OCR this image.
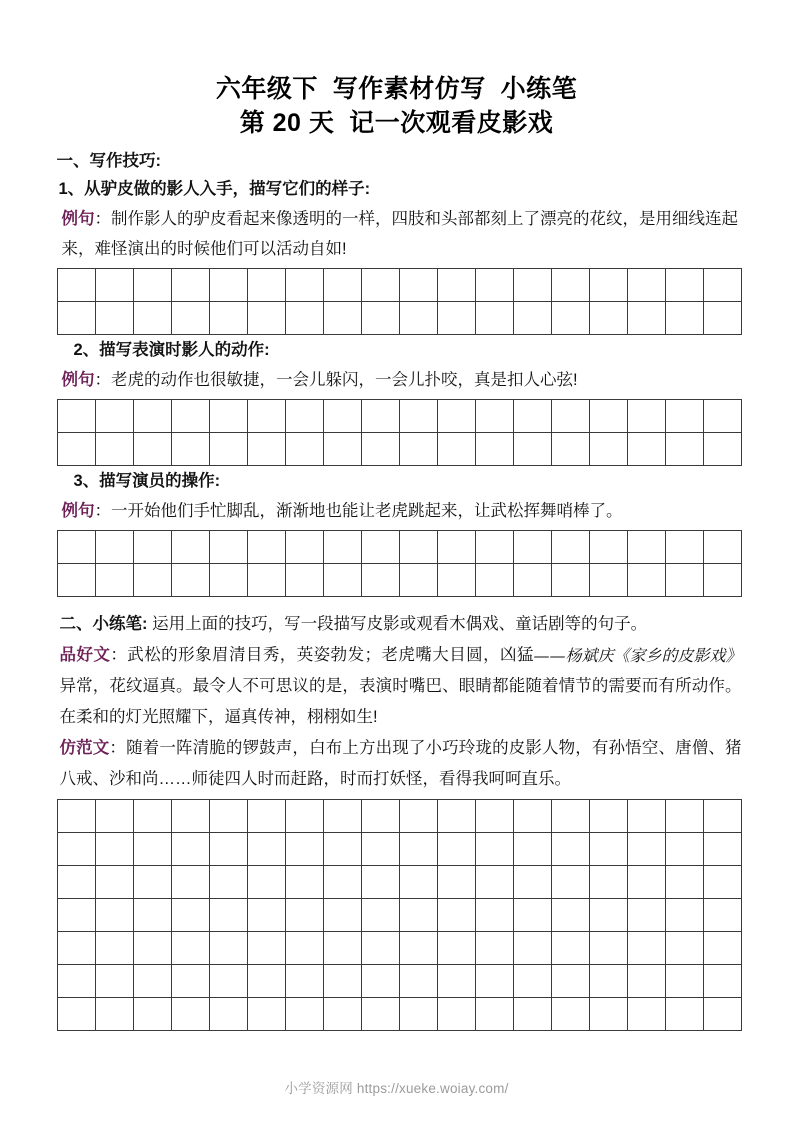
六年级下  写作素材仿写  小练笔
第 20 天  记一次观看皮影戏
一、写作技巧:
1、从驴皮做的影人入手，描写它们的样子:
例句：制作影人的驴皮看起来像透明的一样，四肢和头部都刻上了漂亮的花纹，是用细线连起来，难怪演出的时候他们可以活动自如!
2、描写表演时影人的动作:
例句：老虎的动作也很敏捷，一会儿躲闪，一会儿扑咬，真是扣人心弦!
3、描写演员的操作:
例句：一开始他们手忙脚乱，渐渐地也能让老虎跳起来，让武松挥舞哨棒了。
二、小练笔: 运用上面的技巧，写一段描写皮影或观看木偶戏、童话剧等的句子。
——杨斌庆《家乡的皮影戏》
品好文：武松的形象眉清目秀，英姿勃发；老虎嘴大目圆，凶猛异常，花纹逼真。最令人不可思议的是，表演时嘴巴、眼睛都能随着情节的需要而有所动作。在柔和的灯光照耀下，逼真传神，栩栩如生!
仿范文：随着一阵清脆的锣鼓声，白布上方出现了小巧玲珑的皮影人物，有孙悟空、唐僧、猪八戒、沙和尚……师徒四人时而赶路，时而打妖怪，看得我呵呵直乐。
小学资源网 https://xueke.woiay.com/
